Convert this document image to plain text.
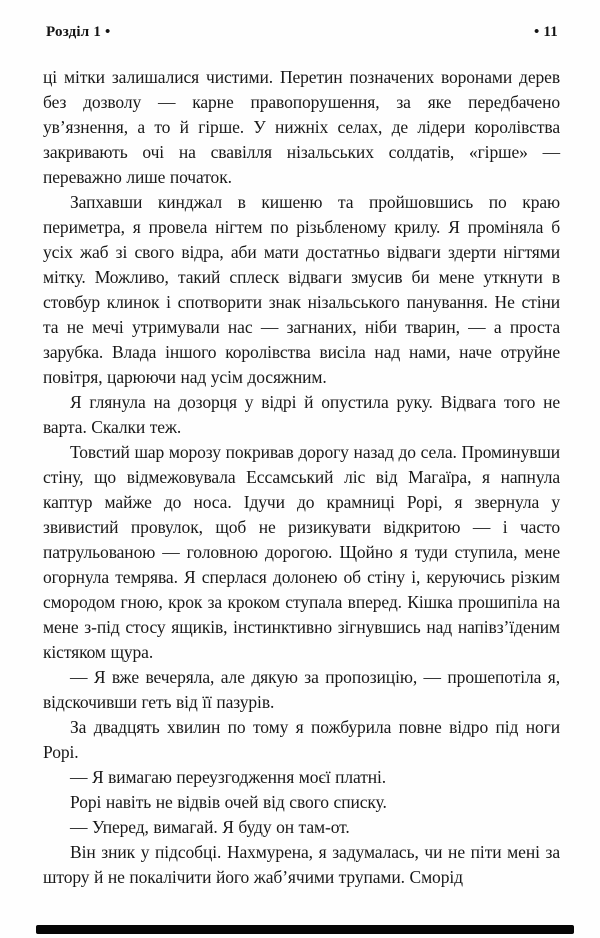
Розділ 1 •	• 11

ці мітки залишалися чистими. Перетин позначених воронами дерев без дозволу — карне правопорушення, за яке передбачено ув’язнення, а то й гірше. У нижніх селах, де лідери королівства закривають очі на свавілля нізальських солдатів, «гірше» — переважно лише початок.

Запхавши кинджал в кишеню та пройшовшись по краю периметра, я провела нігтем по різьбленому крилу. Я проміняла б усіх жаб зі свого відра, аби мати достатньо відваги здерти нігтями мітку. Можливо, такий сплеск відваги змусив би мене уткнути в стовбур клинок і спотворити знак нізальського панування. Не стіни та не мечі утримували нас — загнаних, ніби тварин, — а проста зарубка. Влада іншого королівства висіла над нами, наче отруйне повітря, царюючи над усім досяжним.

Я глянула на дозорця у відрі й опустила руку. Відвага того не варта. Скалки теж.

Товстий шар морозу покривав дорогу назад до села. Проминувши стіну, що відмежовувала Ессамський ліс від Магаїра, я напнула каптур майже до носа. Ідучи до крамниці Рорі, я звернула у звивистий провулок, щоб не ризикувати відкритою — і часто патрульованою — головною дорогою. Щойно я туди ступила, мене огорнула темрява. Я сперлася долонею об стіну і, керуючись різким смородом гною, крок за кроком ступала вперед. Кішка прошипіла на мене з-під стосу ящиків, інстинктивно зігнувшись над напівз’їденим кістяком щура.

— Я вже вечеряла, але дякую за пропозицію, — прошепотіла я, відскочивши геть від її пазурів.

За двадцять хвилин по тому я пожбурила повне відро під ноги Рорі.

— Я вимагаю переузгодження моєї платні.

Рорі навіть не відвів очей від свого списку.

— Уперед, вимагай. Я буду он там-от.

Він зник у підсобці. Нахмурена, я задумалась, чи не піти мені за штору й не покалічити його жаб’ячими трупами. Сморід
